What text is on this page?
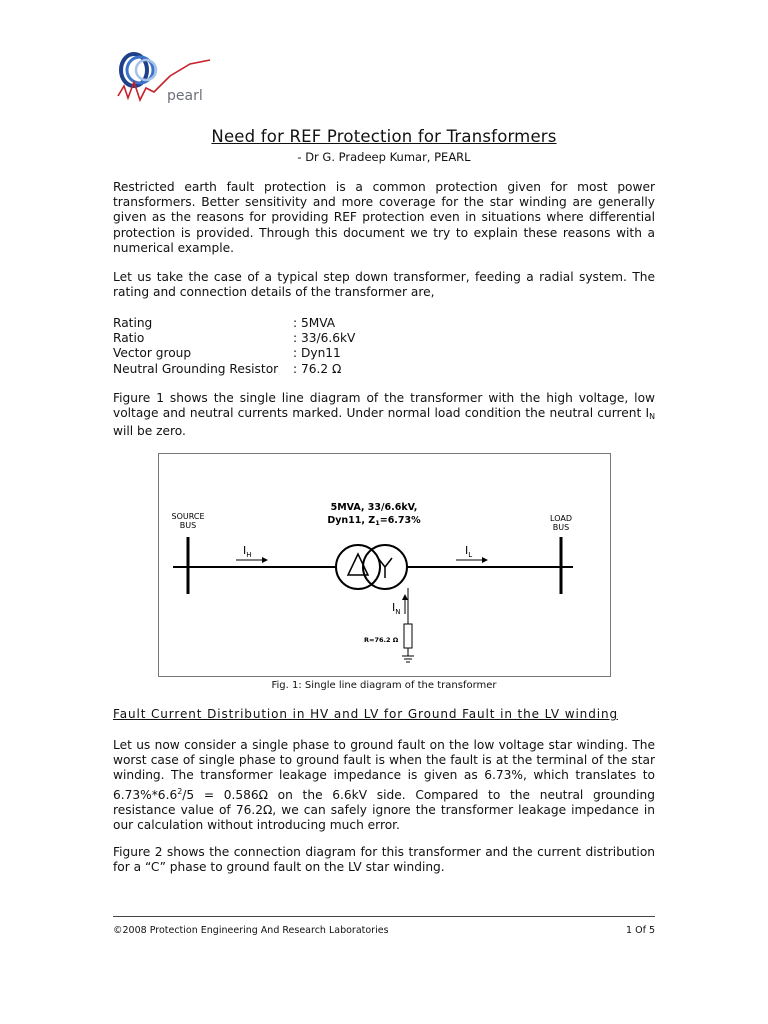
pearl
Need for REF Protection for Transformers
- Dr G. Pradeep Kumar, PEARL
Restricted earth fault protection is a common protection given for most power transformers. Better sensitivity and more coverage for the star winding are generally given as the reasons for providing REF protection even in situations where differential protection is provided. Through this document we try to explain these reasons with a numerical example.
Let us take the case of a typical step down transformer, feeding a radial system. The rating and connection details of the transformer are,
Rating	: 5MVA
Ratio	: 33/6.6kV
Vector group	: Dyn11
Neutral Grounding Resistor : 76.2 Ω
Figure 1 shows the single line diagram of the transformer with the high voltage, low voltage and neutral currents marked. Under normal load condition the neutral current $I_N$ will be zero.
SOURCE
BUS
$I_H$
5MVA, 33/6.6kV,
Dyn11, $Z_1=6.73\%$	LOAD
BUS
$I_L$
$I_N$
R=76.2 Ω
Fig. 1: Single line diagram of the transformer
Fault Current Distribution in HV and LV for Ground Fault in the LV winding
Let us now consider a single phase to ground fault on the low voltage star winding. The worst case of single phase to ground fault is when the fault is at the terminal of the star winding. The transformer leakage impedance is given as 6.73%, which translates to $6.73\%*6.6^2/5 = 0.586\Omega$ on the 6.6kV side. Compared to the neutral grounding resistance value of 76.2Ω, we can safely ignore the transformer leakage impedance in our calculation without introducing much error.
Figure 2 shows the connection diagram for this transformer and the current distribution for a “C” phase to ground fault on the LV star winding.
©2008 Protection Engineering And Research Laboratories	1 Of 5
